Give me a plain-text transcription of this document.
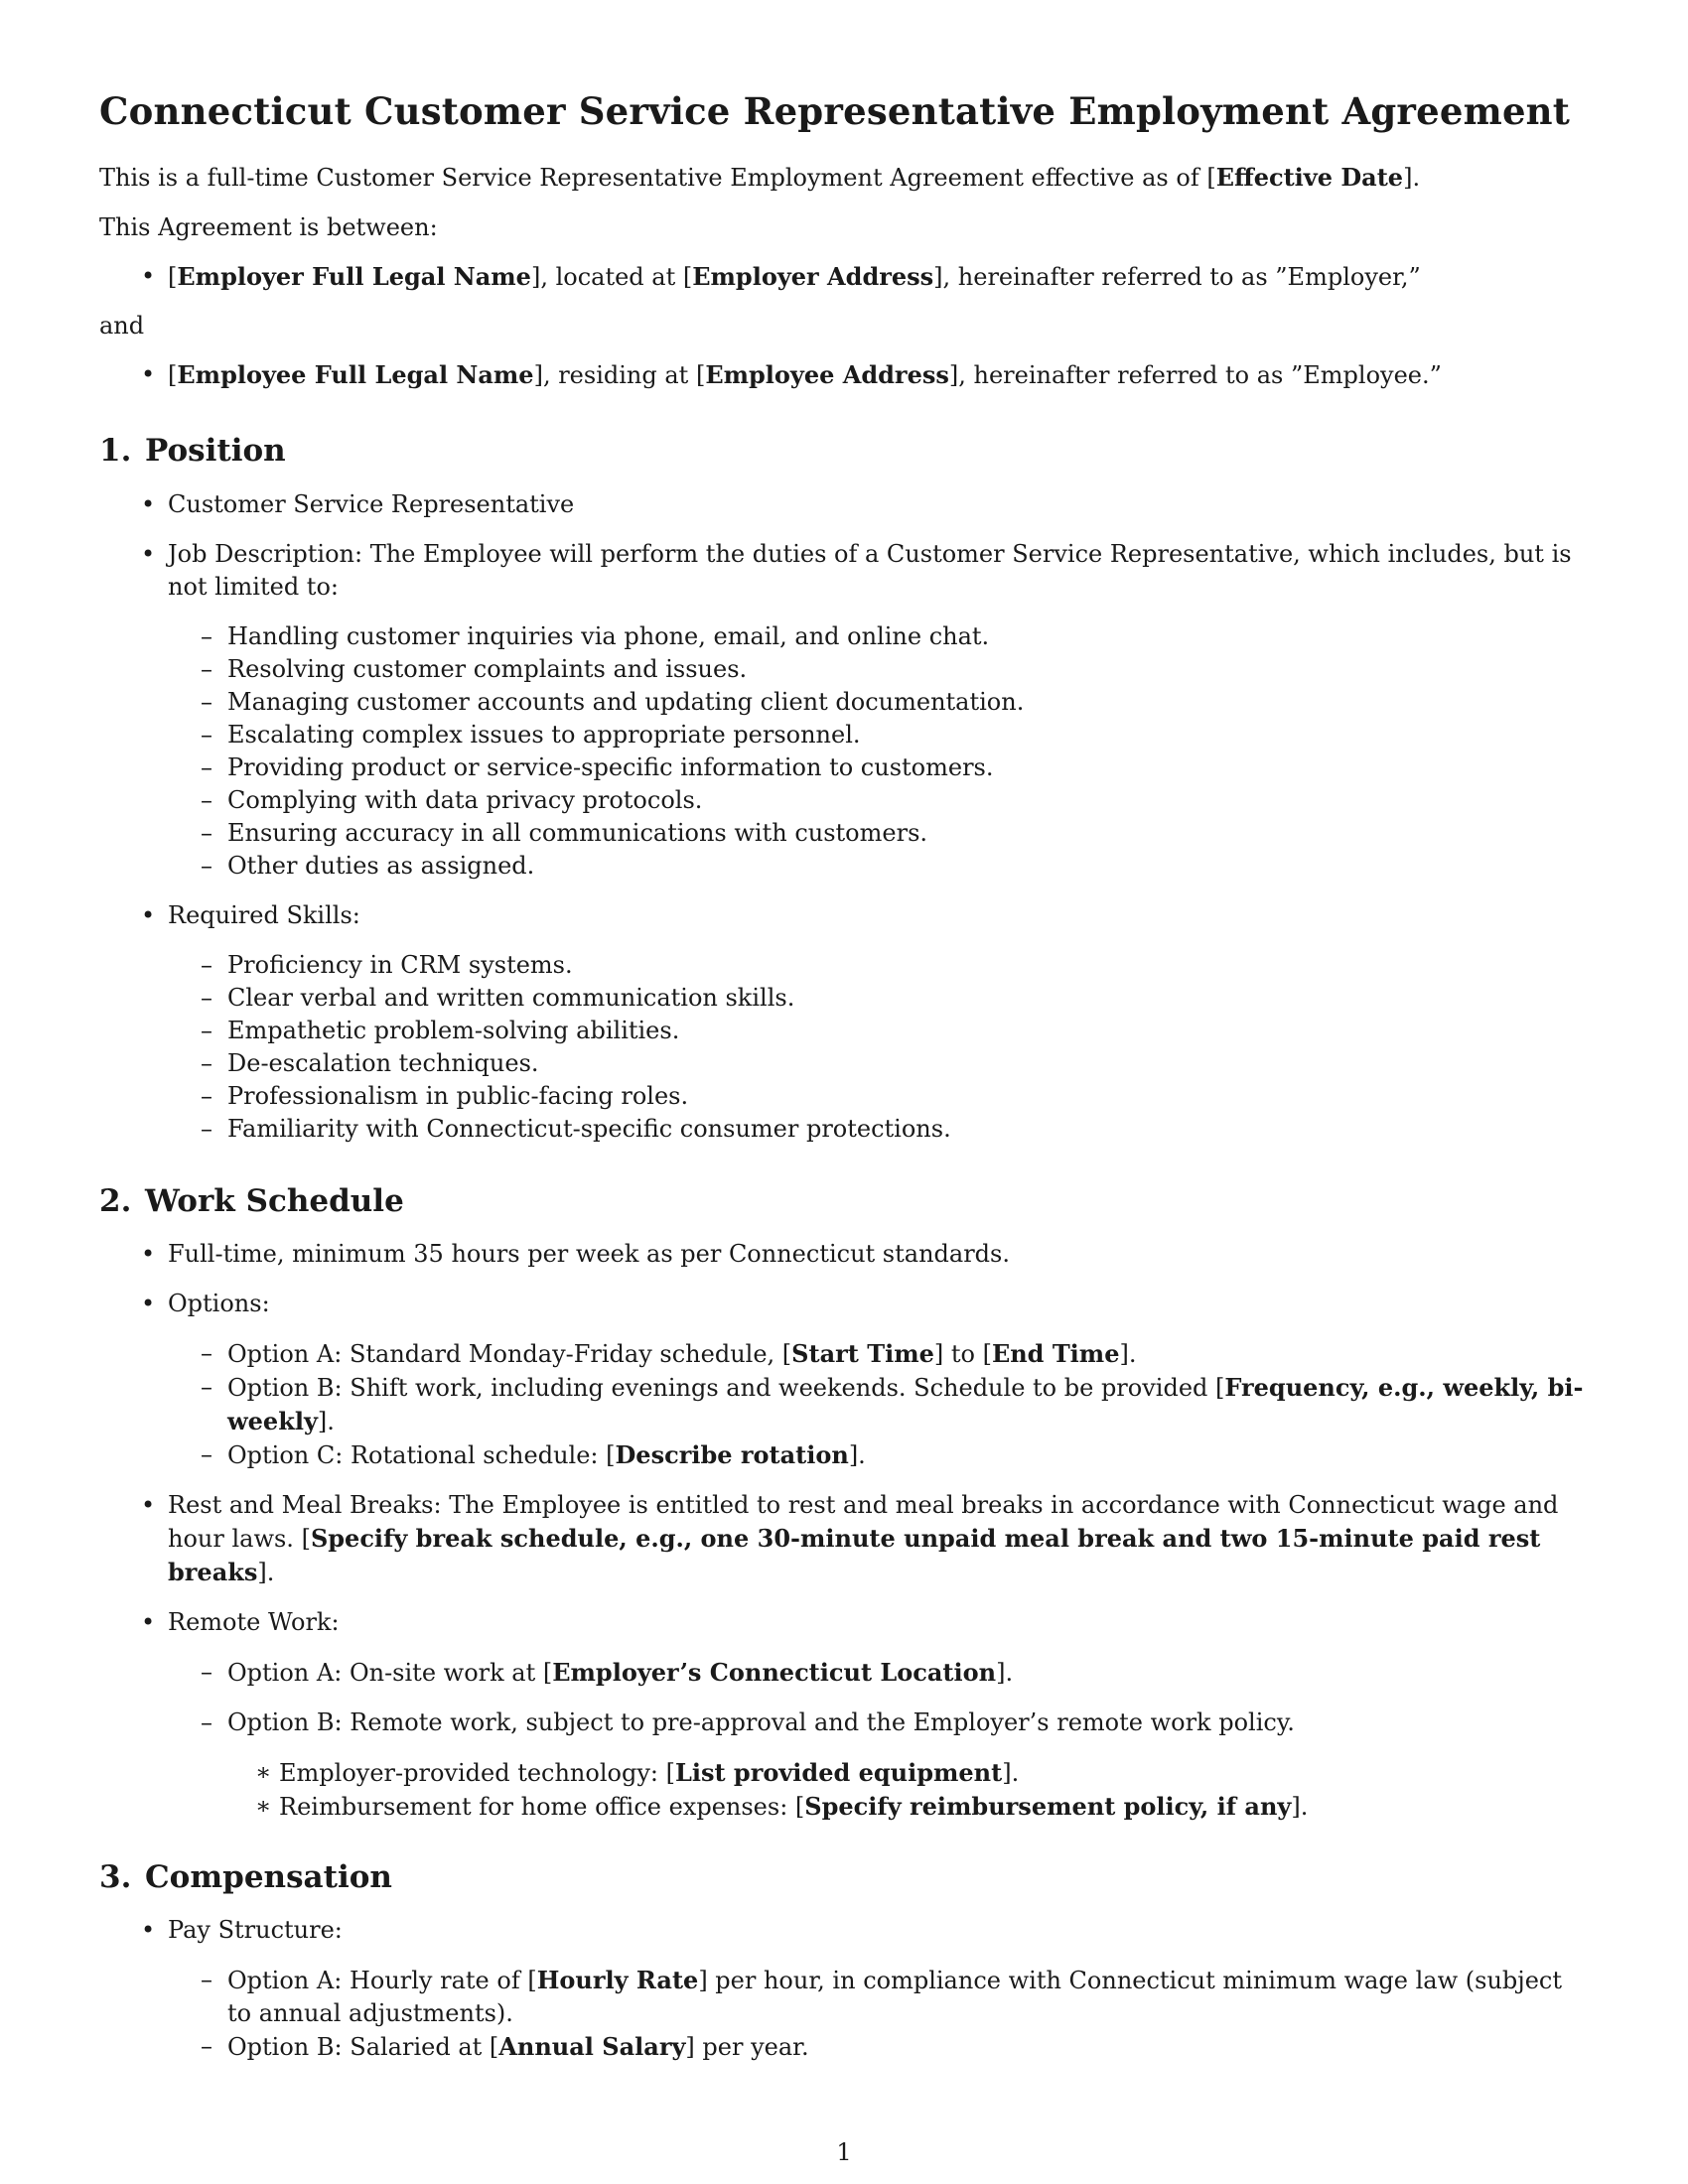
Connecticut Customer Service Representative Employment Agreement

This is a full-time Customer Service Representative Employment Agreement effective as of [Effective Date].

This Agreement is between:

• [Employer Full Legal Name], located at [Employer Address], hereinafter referred to as ”Employer,”

and

• [Employee Full Legal Name], residing at [Employee Address], hereinafter referred to as ”Employee.”
1. Position
• Customer Service Representative
• Job Description: The Employee will perform the duties of a Customer Service Representative, which includes, but is not limited to:
– Handling customer inquiries via phone, email, and online chat.
– Resolving customer complaints and issues.
– Managing customer accounts and updating client documentation.
– Escalating complex issues to appropriate personnel.
– Providing product or service-specific information to customers.
– Complying with data privacy protocols.
– Ensuring accuracy in all communications with customers.
– Other duties as assigned.
• Required Skills:
– Proficiency in CRM systems.
– Clear verbal and written communication skills.
– Empathetic problem-solving abilities.
– De-escalation techniques.
– Professionalism in public-facing roles.
– Familiarity with Connecticut-specific consumer protections.
2. Work Schedule
• Full-time, minimum 35 hours per week as per Connecticut standards.
• Options:
– Option A: Standard Monday-Friday schedule, [Start Time] to [End Time].
– Option B: Shift work, including evenings and weekends. Schedule to be provided [Frequency, e.g., weekly, bi-weekly].
– Option C: Rotational schedule: [Describe rotation].
• Rest and Meal Breaks: The Employee is entitled to rest and meal breaks in accordance with Connecticut wage and hour laws. [Specify break schedule, e.g., one 30-minute unpaid meal break and two 15-minute paid rest breaks].
• Remote Work:
– Option A: On-site work at [Employer’s Connecticut Location].
– Option B: Remote work, subject to pre-approval and the Employer’s remote work policy.
∗ Employer-provided technology: [List provided equipment].
∗ Reimbursement for home office expenses: [Specify reimbursement policy, if any].
3. Compensation
• Pay Structure:
– Option A: Hourly rate of [Hourly Rate] per hour, in compliance with Connecticut minimum wage law (subject to annual adjustments).
– Option B: Salaried at [Annual Salary] per year.
1
